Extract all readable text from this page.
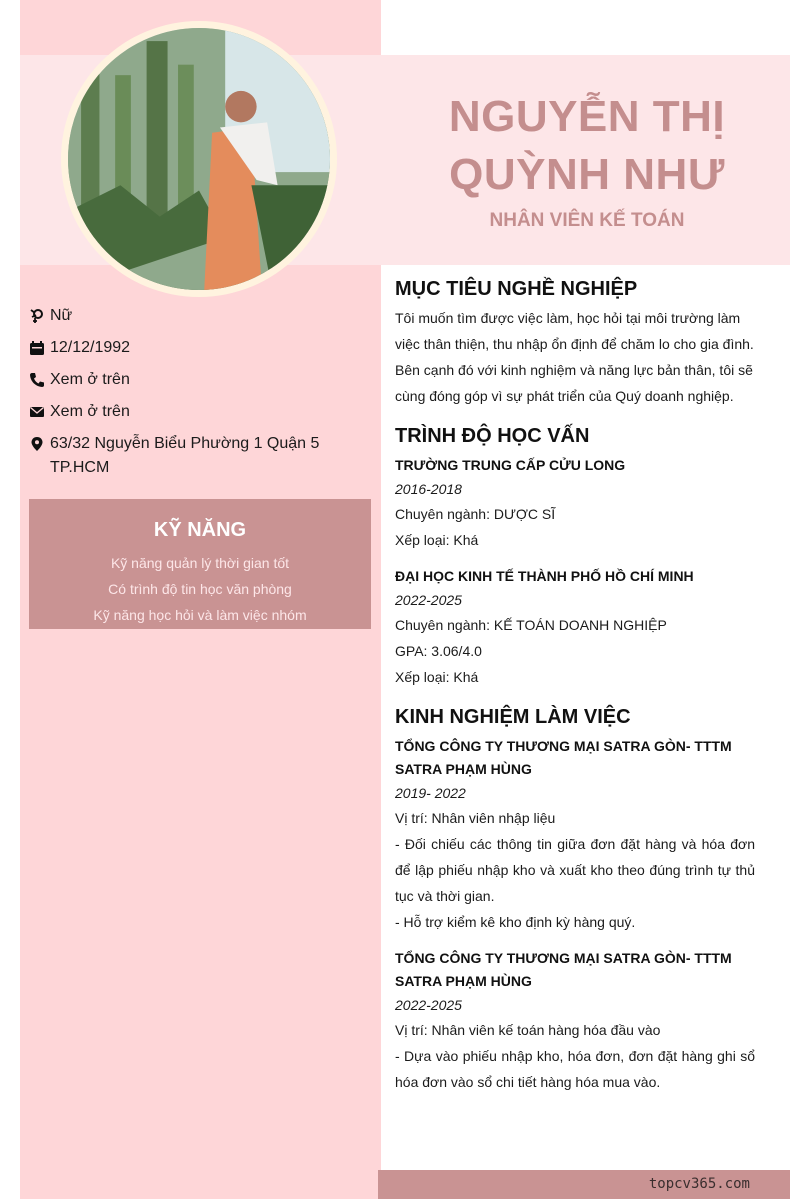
NGUYỄN THỊ
QUỲNH NHƯ
NHÂN VIÊN KẾ TOÁN
Nữ
12/12/1992
Xem ở trên
Xem ở trên
63/32 Nguyễn Biểu Phường 1 Quận 5 TP.HCM
KỸ NĂNG
Kỹ năng quản lý thời gian tốt
Có trình độ tin học văn phòng
Kỹ năng học hỏi và làm việc nhóm
MỤC TIÊU NGHỀ NGHIỆP
Tôi muốn tìm được việc làm, học hỏi tại môi trường làm việc thân thiện, thu nhập ổn định để chăm lo cho gia đình. Bên cạnh đó với kinh nghiệm và năng lực bản thân, tôi sẽ cùng đóng góp vì sự phát triển của Quý doanh nghiệp.
TRÌNH ĐỘ HỌC VẤN
TRƯỜNG TRUNG CẤP CỬU LONG
2016-2018
Chuyên ngành: DƯỢC SĨ
Xếp loại: Khá
ĐẠI HỌC KINH TẾ THÀNH PHỐ HỒ CHÍ MINH
2022-2025
Chuyên ngành: KẾ TOÁN DOANH NGHIỆP
GPA: 3.06/4.0
Xếp loại: Khá
KINH NGHIỆM LÀM VIỆC
TỔNG CÔNG TY THƯƠNG MẠI SATRA GÒN- TTTM SATRA PHẠM HÙNG
2019- 2022
Vị trí: Nhân viên nhập liệu
- Đối chiếu các thông tin giữa đơn đặt hàng và hóa đơn để lập phiếu nhập kho và xuất kho theo đúng trình tự thủ tục và thời gian.
- Hỗ trợ kiểm kê kho định kỳ hàng quý.
TỔNG CÔNG TY THƯƠNG MẠI SATRA GÒN- TTTM SATRA PHẠM HÙNG
2022-2025
Vị trí: Nhân viên kế toán hàng hóa đầu vào
- Dựa vào phiếu nhập kho, hóa đơn, đơn đặt hàng ghi sổ hóa đơn vào sổ chi tiết hàng hóa mua vào.
topcv365.com
